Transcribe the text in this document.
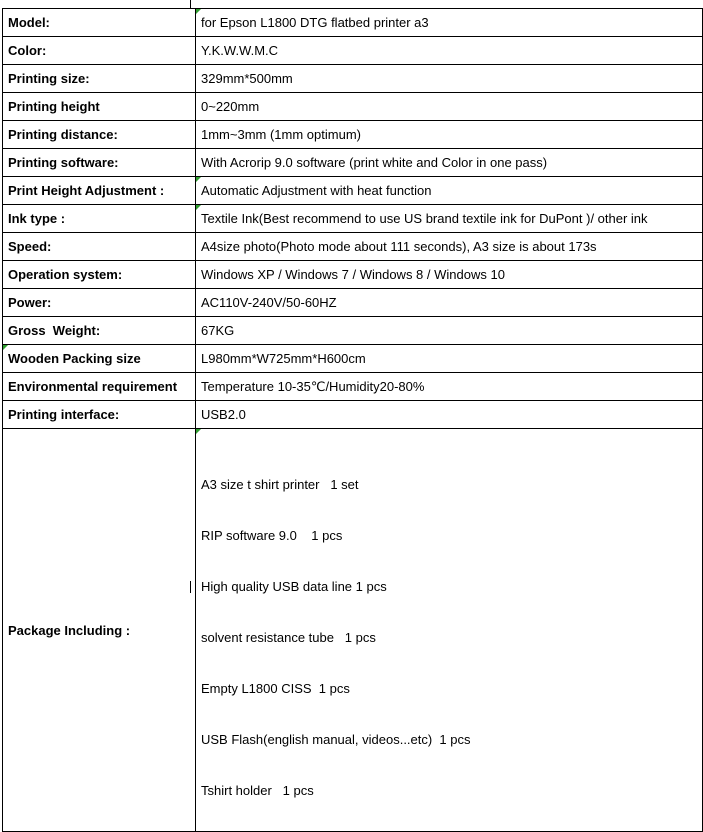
Model:	for Epson L1800 DTG flatbed printer a3
Color:	Y.K.W.W.M.C
Printing size:	329mm*500mm
Printing height	0~220mm
Printing distance:	1mm~3mm (1mm optimum)
Printing software:	With Acrorip 9.0 software (print white and Color in one pass)
Print Height Adjustment :	Automatic Adjustment with heat function
Ink type :	Textile Ink(Best recommend to use US brand textile ink for DuPont )/ other ink
Speed:	A4size photo(Photo mode about 111 seconds), A3 size is about 173s
Operation system:	Windows XP / Windows 7 / Windows 8 / Windows 10
Power:	AC110V-240V/50-60HZ
Gross  Weight:	67KG

Wooden Packing size	L980mm*W725mm*H600cm
Environmental requirement	Temperature 10-35℃/Humidity20-80%
Printing interface:	USB2.0
Package Including :	

A3 size t shirt printer   1 set

RIP software 9.0    1 pcs

High quality USB data line 1 pcs

solvent resistance tube   1 pcs

Empty L1800 CISS  1 pcs

USB Flash(english manual, videos...etc)  1 pcs

Tshirt holder   1 pcs
